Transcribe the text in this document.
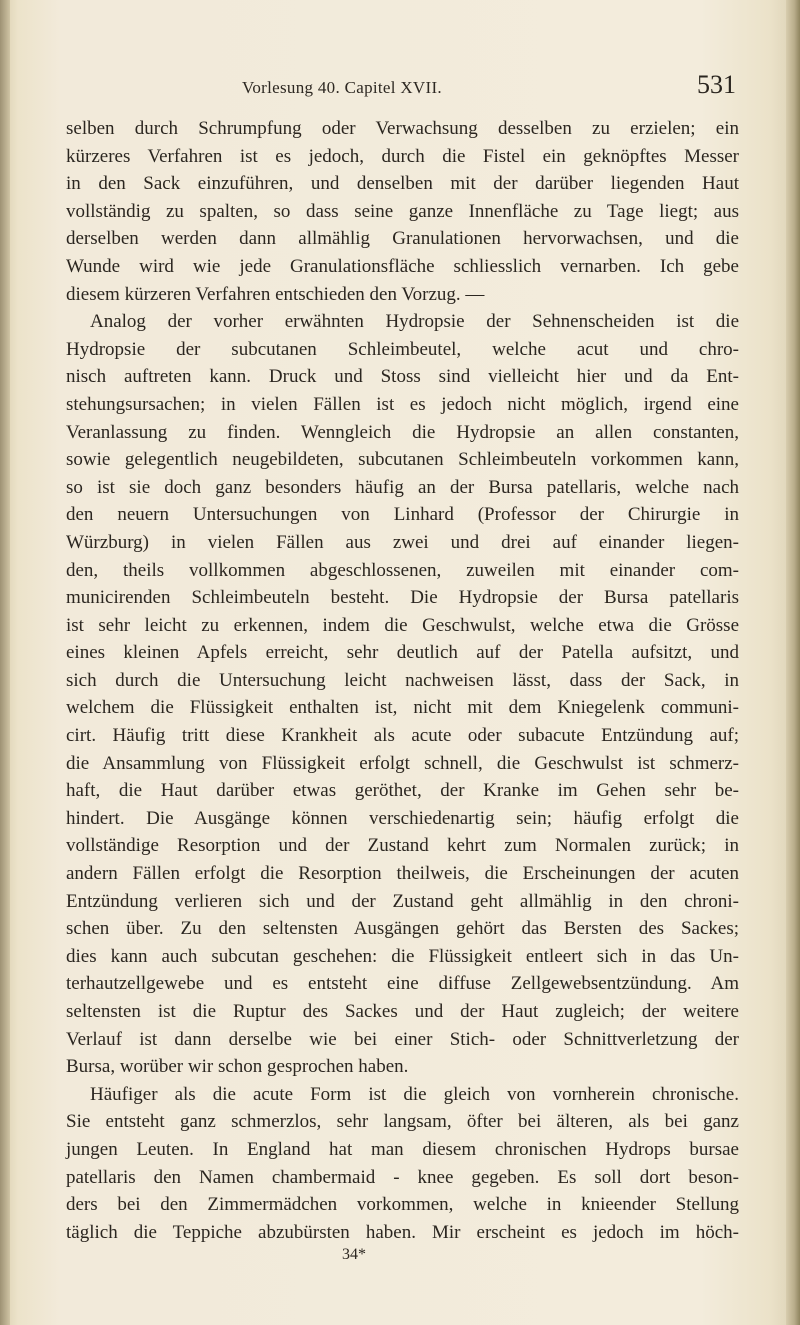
Vorlesung 40. Capitel XVII.	531
selben durch Schrumpfung oder Verwachsung desselben zu erzielen; ein
kürzeres Verfahren ist es jedoch, durch die Fistel ein geknöpftes Messer
in den Sack einzuführen, und denselben mit der darüber liegenden Haut
vollständig zu spalten, so dass seine ganze Innenfläche zu Tage liegt; aus
derselben werden dann allmählig Granulationen hervorwachsen, und die
Wunde wird wie jede Granulationsfläche schliesslich vernarben. Ich gebe
diesem kürzeren Verfahren entschieden den Vorzug. —
Analog der vorher erwähnten Hydropsie der Sehnenscheiden ist die
Hydropsie der subcutanen Schleimbeutel, welche acut und chro-
nisch auftreten kann. Druck und Stoss sind vielleicht hier und da Ent-
stehungsursachen; in vielen Fällen ist es jedoch nicht möglich, irgend eine
Veranlassung zu finden. Wenngleich die Hydropsie an allen constanten,
sowie gelegentlich neugebildeten, subcutanen Schleimbeuteln vorkommen kann,
so ist sie doch ganz besonders häufig an der Bursa patellaris, welche nach
den neuern Untersuchungen von Linhard (Professor der Chirurgie in
Würzburg) in vielen Fällen aus zwei und drei auf einander liegen-
den, theils vollkommen abgeschlossenen, zuweilen mit einander com-
municirenden Schleimbeuteln besteht. Die Hydropsie der Bursa patellaris
ist sehr leicht zu erkennen, indem die Geschwulst, welche etwa die Grösse
eines kleinen Apfels erreicht, sehr deutlich auf der Patella aufsitzt, und
sich durch die Untersuchung leicht nachweisen lässt, dass der Sack, in
welchem die Flüssigkeit enthalten ist, nicht mit dem Kniegelenk communi-
cirt. Häufig tritt diese Krankheit als acute oder subacute Entzündung auf;
die Ansammlung von Flüssigkeit erfolgt schnell, die Geschwulst ist schmerz-
haft, die Haut darüber etwas geröthet, der Kranke im Gehen sehr be-
hindert. Die Ausgänge können verschiedenartig sein; häufig erfolgt die
vollständige Resorption und der Zustand kehrt zum Normalen zurück; in
andern Fällen erfolgt die Resorption theilweis, die Erscheinungen der acuten
Entzündung verlieren sich und der Zustand geht allmählig in den chroni-
schen über. Zu den seltensten Ausgängen gehört das Bersten des Sackes;
dies kann auch subcutan geschehen: die Flüssigkeit entleert sich in das Un-
terhautzellgewebe und es entsteht eine diffuse Zellgewebsentzündung. Am
seltensten ist die Ruptur des Sackes und der Haut zugleich; der weitere
Verlauf ist dann derselbe wie bei einer Stich- oder Schnittverletzung der
Bursa, worüber wir schon gesprochen haben.
Häufiger als die acute Form ist die gleich von vornherein chronische.
Sie entsteht ganz schmerzlos, sehr langsam, öfter bei älteren, als bei ganz
jungen Leuten. In England hat man diesem chronischen Hydrops bursae
patellaris den Namen chambermaid - knee gegeben. Es soll dort beson-
ders bei den Zimmermädchen vorkommen, welche in knieender Stellung
täglich die Teppiche abzubürsten haben. Mir erscheint es jedoch im höch-
34*
